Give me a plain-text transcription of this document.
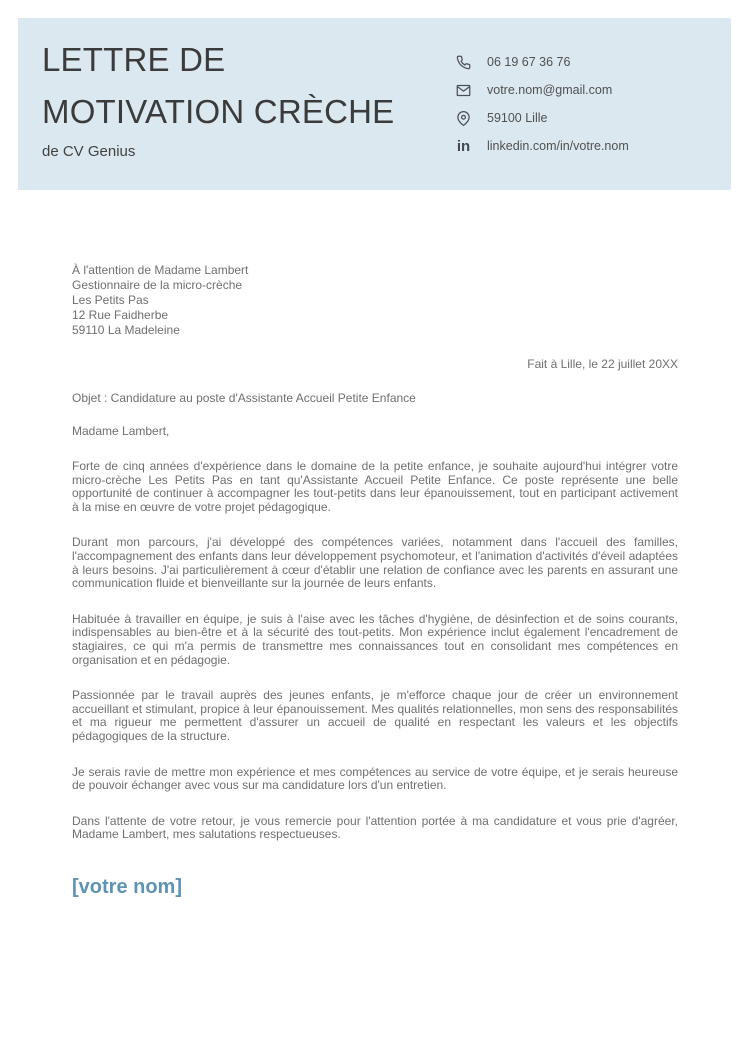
LETTRE DE
MOTIVATION CRÈCHE
de CV Genius
06 19 67 36 76
votre.nom@gmail.com
59100 Lille
in linkedin.com/in/votre.nom
À l'attention de Madame Lambert
Gestionnaire de la micro-crèche
Les Petits Pas
12 Rue Faidherbe
59110 La Madeleine
Fait à Lille, le 22 juillet 20XX
Objet : Candidature au poste d'Assistante Accueil Petite Enfance
Madame Lambert,

Forte de cinq années d'expérience dans le domaine de la petite enfance, je souhaite aujourd'hui intégrer votre micro-crèche Les Petits Pas en tant qu'Assistante Accueil Petite Enfance. Ce poste représente une belle opportunité de continuer à accompagner les tout-petits dans leur épanouissement, tout en participant activement à la mise en œuvre de votre projet pédagogique.

Durant mon parcours, j'ai développé des compétences variées, notamment dans l'accueil des familles, l'accompagnement des enfants dans leur développement psychomoteur, et l'animation d'activités d'éveil adaptées à leurs besoins. J'ai particulièrement à cœur d'établir une relation de confiance avec les parents en assurant une communication fluide et bienveillante sur la journée de leurs enfants.

Habituée à travailler en équipe, je suis à l'aise avec les tâches d'hygiène, de désinfection et de soins courants, indispensables au bien-être et à la sécurité des tout-petits. Mon expérience inclut également l'encadrement de stagiaires, ce qui m'a permis de transmettre mes connaissances tout en consolidant mes compétences en organisation et en pédagogie.

Passionnée par le travail auprès des jeunes enfants, je m'efforce chaque jour de créer un environnement accueillant et stimulant, propice à leur épanouissement. Mes qualités relationnelles, mon sens des responsabilités et ma rigueur me permettent d'assurer un accueil de qualité en respectant les valeurs et les objectifs pédagogiques de la structure.

Je serais ravie de mettre mon expérience et mes compétences au service de votre équipe, et je serais heureuse de pouvoir échanger avec vous sur ma candidature lors d'un entretien.

Dans l'attente de votre retour, je vous remercie pour l'attention portée à ma candidature et vous prie d'agréer, Madame Lambert, mes salutations respectueuses.

[votre nom]
